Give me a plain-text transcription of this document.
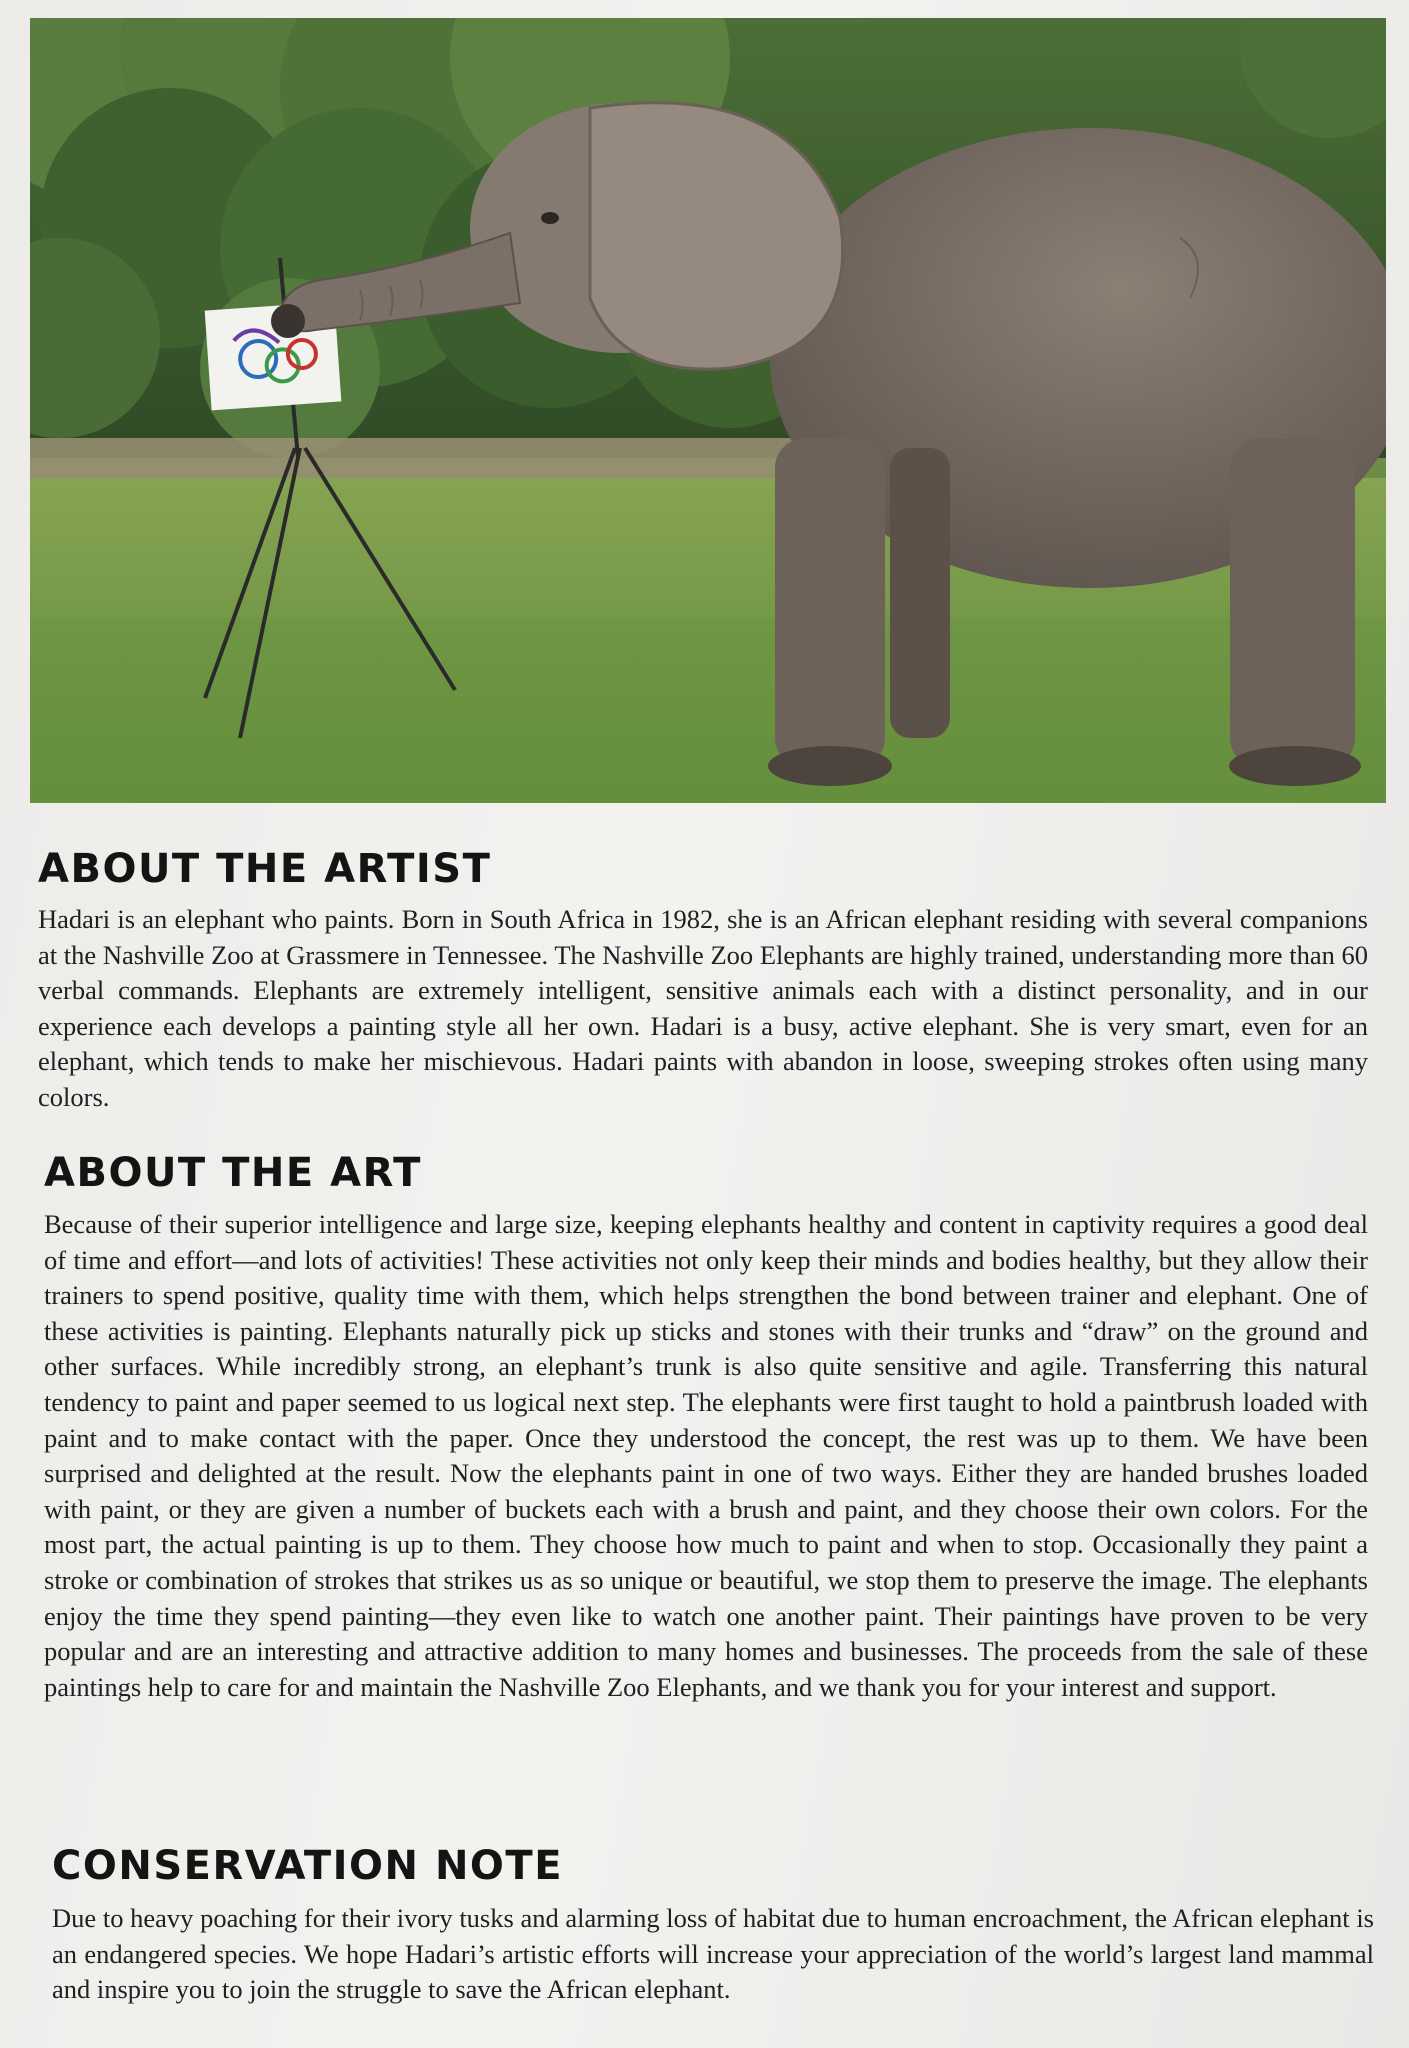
ABOUT THE ARTIST

Hadari is an elephant who paints. Born in South Africa in 1982, she is an African elephant residing with several companions at the Nashville Zoo at Grassmere in Tennessee. The Nashville Zoo Elephants are highly trained, understanding more than 60 verbal commands. Elephants are extremely intelligent, sensitive animals each with a distinct personality, and in our experience each develops a painting style all her own. Hadari is a busy, active elephant. She is very smart, even for an elephant, which tends to make her mischievous. Hadari paints with abandon in loose, sweeping strokes often using many colors.

ABOUT THE ART

Because of their superior intelligence and large size, keeping elephants healthy and content in captivity requires a good deal of time and effort—and lots of activities! These activities not only keep their minds and bodies healthy, but they allow their trainers to spend positive, quality time with them, which helps strengthen the bond between trainer and elephant. One of these activities is painting. Elephants naturally pick up sticks and stones with their trunks and “draw” on the ground and other surfaces. While incredibly strong, an elephant’s trunk is also quite sensitive and agile. Transferring this natural tendency to paint and paper seemed to us logical next step. The elephants were first taught to hold a paintbrush loaded with paint and to make contact with the paper. Once they understood the concept, the rest was up to them. We have been surprised and delighted at the result. Now the elephants paint in one of two ways. Either they are handed brushes loaded with paint, or they are given a number of buckets each with a brush and paint, and they choose their own colors. For the most part, the actual painting is up to them. They choose how much to paint and when to stop. Occasionally they paint a stroke or combination of strokes that strikes us as so unique or beautiful, we stop them to preserve the image. The elephants enjoy the time they spend painting—they even like to watch one another paint. Their paintings have proven to be very popular and are an interesting and attractive addition to many homes and businesses. The proceeds from the sale of these paintings help to care for and maintain the Nashville Zoo Elephants, and we thank you for your interest and support.

CONSERVATION NOTE

Due to heavy poaching for their ivory tusks and alarming loss of habitat due to human encroachment, the African elephant is an endangered species. We hope Hadari’s artistic efforts will increase your appreciation of the world’s largest land mammal and inspire you to join the struggle to save the African elephant.
